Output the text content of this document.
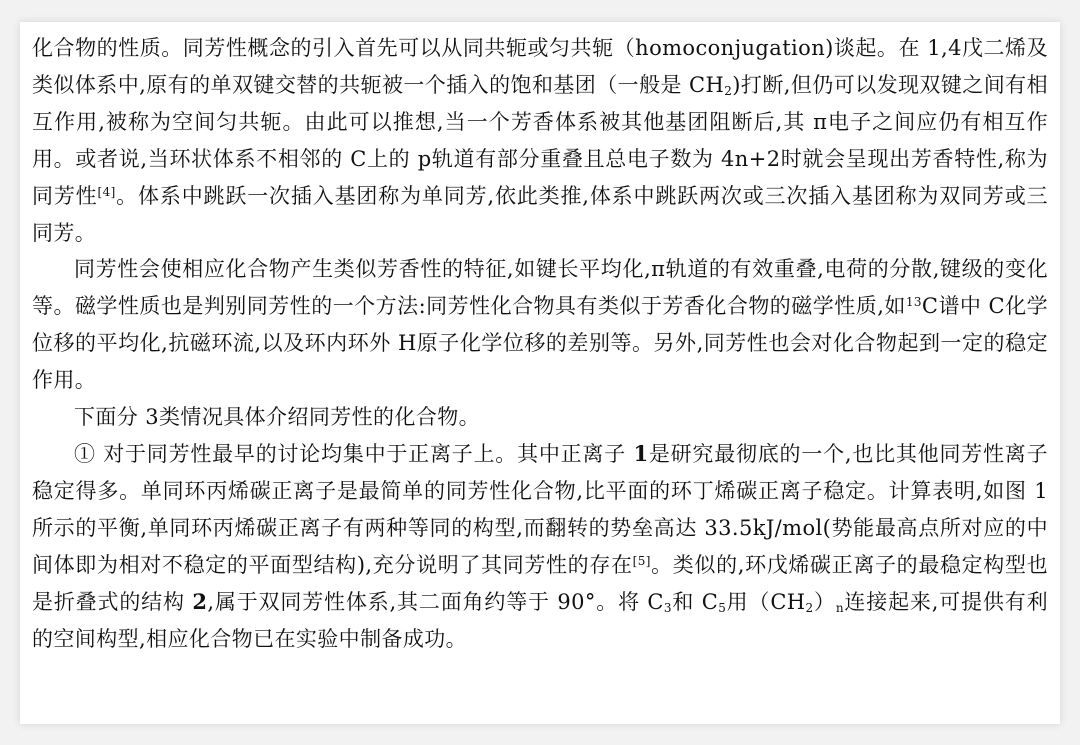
化合物的性质。同芳性概念的引入首先可以从同共轭或匀共轭（homoconjugation)谈起。在 1,4戊二烯及类似体系中,原有的单双键交替的共轭被一个插入的饱和基团（一般是 $CH_2$)打断,但仍可以发现双键之间有相互作用,被称为空间匀共轭。由此可以推想,当一个芳香体系被其他基团阻断后,其 π电子之间应仍有相互作用。或者说,当环状体系不相邻的 C上的 p轨道有部分重叠且总电子数为 4n+2时就会呈现出芳香特性,称为同芳性[4]。体系中跳跃一次插入基团称为单同芳,依此类推,体系中跳跃两次或三次插入基团称为双同芳或三同芳。

同芳性会使相应化合物产生类似芳香性的特征,如键长平均化,π轨道的有效重叠,电荷的分散,键级的变化等。磁学性质也是判别同芳性的一个方法:同芳性化合物具有类似于芳香化合物的磁学性质,如$^{13}$C谱中 C化学位移的平均化,抗磁环流,以及环内环外 H原子化学位移的差别等。另外,同芳性也会对化合物起到一定的稳定作用。

下面分 3类情况具体介绍同芳性的化合物。

① 对于同芳性最早的讨论均集中于正离子上。其中正离子 1是研究最彻底的一个,也比其他同芳性离子稳定得多。单同环丙烯碳正离子是最简单的同芳性化合物,比平面的环丁烯碳正离子稳定。计算表明,如图 1所示的平衡,单同环丙烯碳正离子有两种等同的构型,而翻转的势垒高达 33.5kJ/mol(势能最高点所对应的中间体即为相对不稳定的平面型结构),充分说明了其同芳性的存在[5]。类似的,环戊烯碳正离子的最稳定构型也是折叠式的结构 2,属于双同芳性体系,其二面角约等于 90°。将 $C_3$和 $C_5$用$(CH_2)_n$连接起来,可提供有利的空间构型,相应化合物已在实验中制备成功。
